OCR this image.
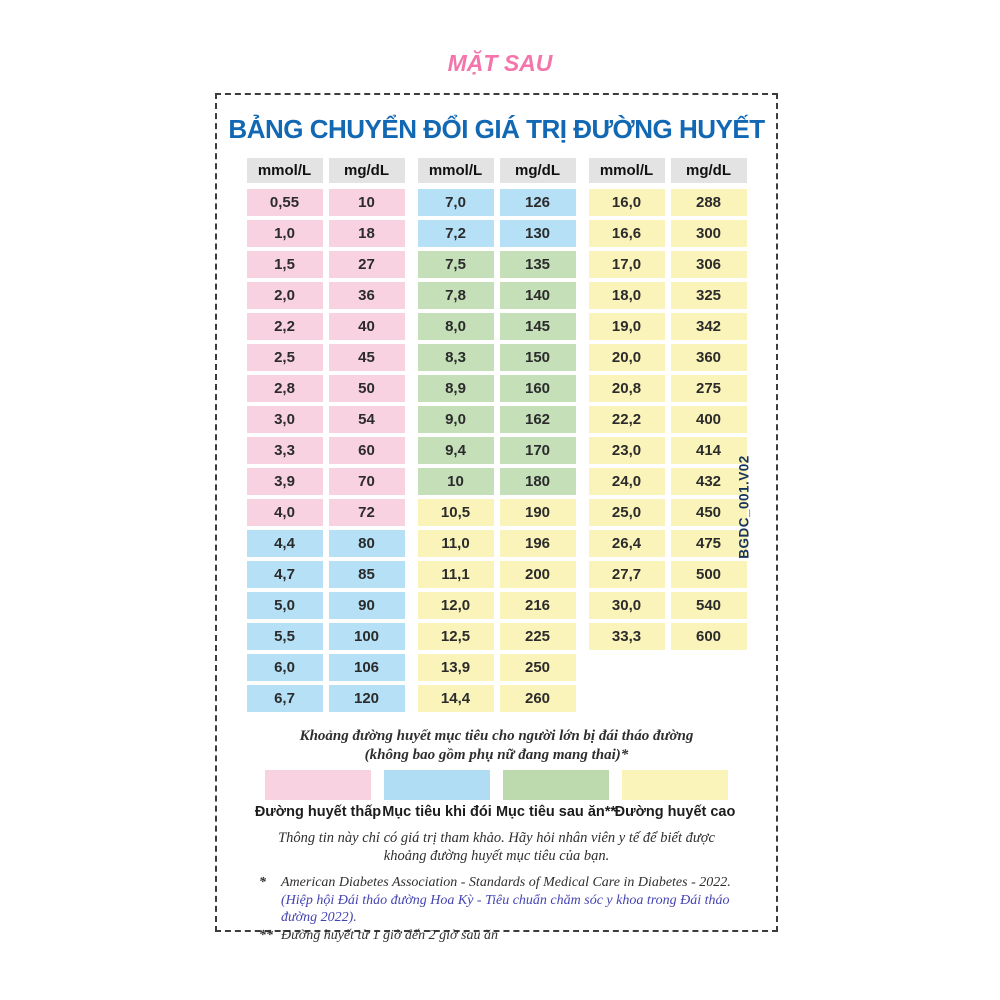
MẶT SAU
BẢNG CHUYỂN ĐỔI GIÁ TRỊ ĐƯỜNG HUYẾT
mmol/L	mg/dL
0,55	10
1,0	18
1,5	27
2,0	36
2,2	40
2,5	45
2,8	50
3,0	54
3,3	60
3,9	70
4,0	72
4,4	80
4,7	85
5,0	90
5,5	100
6,0	106
6,7	120
mmol/L	mg/dL
7,0	126
7,2	130
7,5	135
7,8	140
8,0	145
8,3	150
8,9	160
9,0	162
9,4	170
10	180
10,5	190
11,0	196
11,1	200
12,0	216
12,5	225
13,9	250
14,4	260
mmol/L	mg/dL
16,0	288
16,6	300
17,0	306
18,0	325
19,0	342
20,0	360
20,8	275
22,2	400
23,0	414
24,0	432
25,0	450
26,4	475
27,7	500
30,0	540
33,3	600
Khoảng đường huyết mục tiêu cho người lớn bị đái tháo đường
(không bao gồm phụ nữ đang mang thai)*
Đường huyết thấp Mục tiêu khi đói Mục tiêu sau ăn**
Đường huyết cao
Thông tin này chỉ có giá trị tham khảo. Hãy hỏi nhân viên y tế để biết được
khoảng đường huyết mục tiêu của bạn.
*	American Diabetes Association - Standards of Medical Care in Diabetes - 2022.
(Hiệp hội Đái tháo đường Hoa Kỳ - Tiêu chuẩn chăm sóc y khoa trong Đái tháo đường 2022).
** Đường huyết từ 1 giờ đến 2 giờ sau ăn
BGDC_001.V02
